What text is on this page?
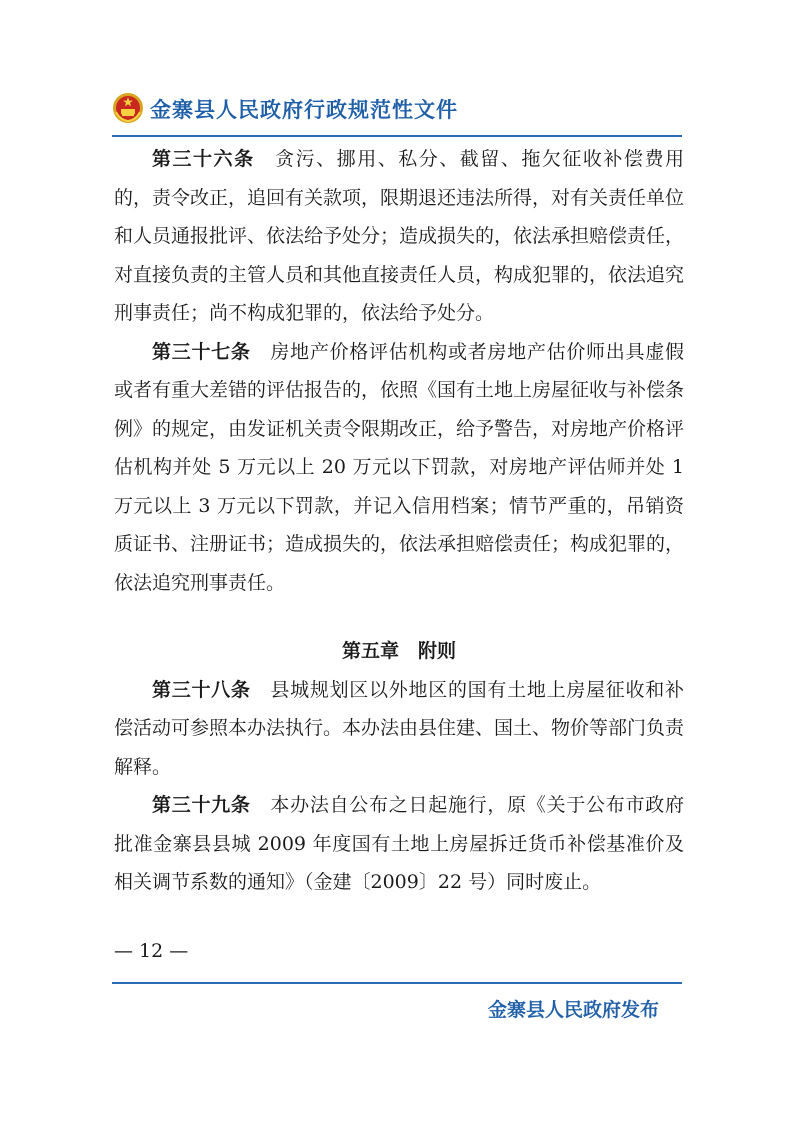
金寨县人民政府行政规范性文件

第三十六条　 贪污、挪用、私分、截留、拖欠征收补偿费用的，责令改正，追回有关款项，限期退还违法所得，对有关责任单位和人员通报批评、依法给予处分；造成损失的，依法承担赔偿责任，对直接负责的主管人员和其他直接责任人员，构成犯罪的，依法追究刑事责任；尚不构成犯罪的，依法给予处分。

第三十七条　 房地产价格评估机构或者房地产估价师出具虚假或者有重大差错的评估报告的，依照《国有土地上房屋征收与补偿条例》的规定，由发证机关责令限期改正，给予警告，对房地产价格评估机构并处 5 万元以上 20 万元以下罚款，对房地产评估师并处 1 万元以上 3 万元以下罚款，并记入信用档案；情节严重的，吊销资质证书、注册证书；造成损失的，依法承担赔偿责任；构成犯罪的，依法追究刑事责任。

第五章　附则

第三十八条　 县城规划区以外地区的国有土地上房屋征收和补偿活动可参照本办法执行。本办法由县住建、国土、物价等部门负责解释。

第三十九条　 本办法自公布之日起施行，原《关于公布市政府批准金寨县县城 2009 年度国有土地上房屋拆迁货币补偿基准价及相关调节系数的通知》（金建〔2009〕22 号）同时废止。

— 12 —
金寨县人民政府发布
